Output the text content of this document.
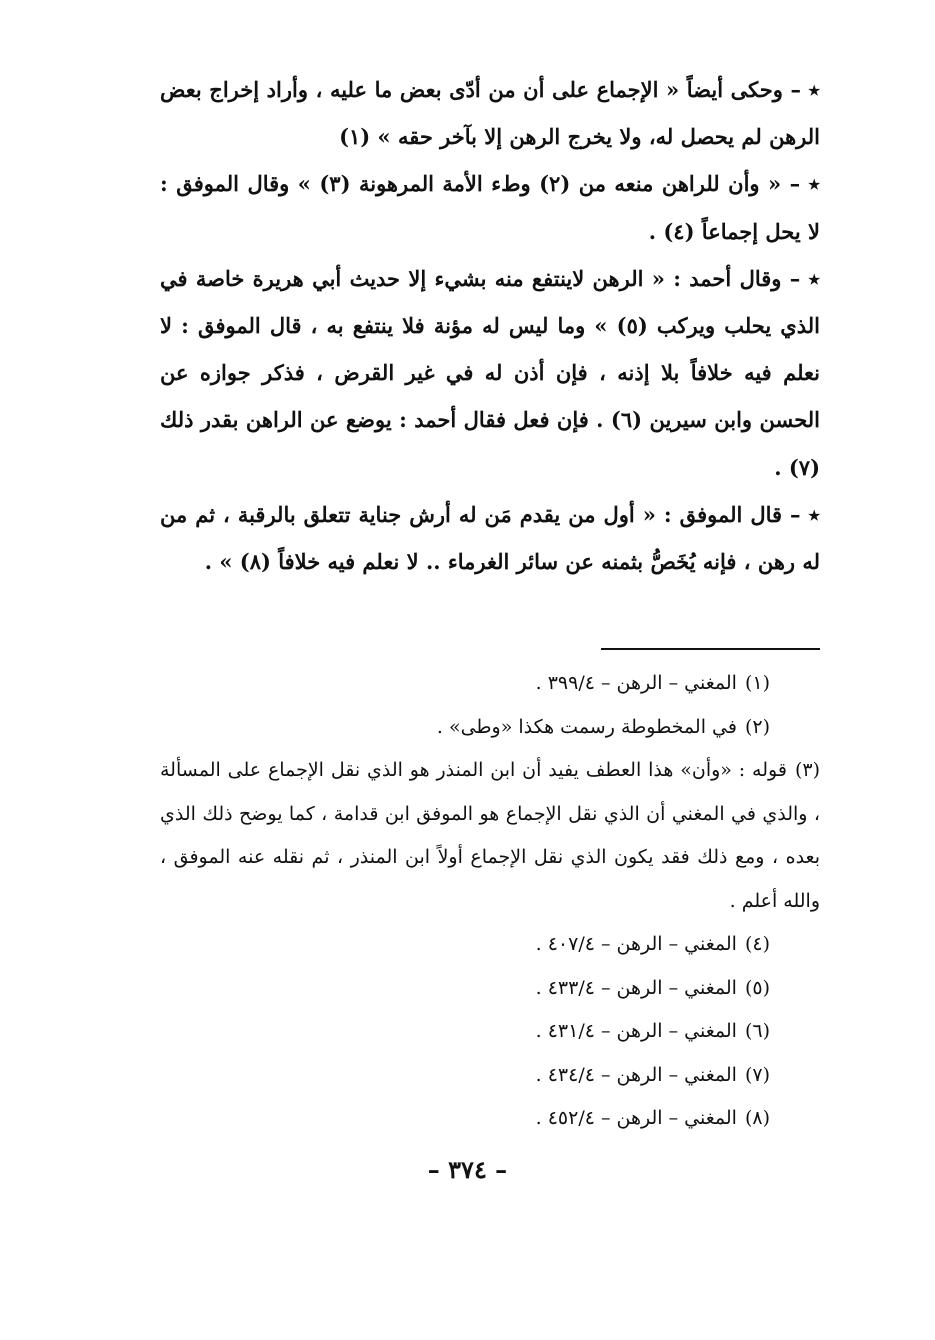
٭ – وحكى أيضاً « الإجماع على أن من أدّى بعض ما عليه ، وأراد إخراج بعض الرهن لم يحصل له، ولا يخرج الرهن إلا بآخر حقه » (١)

٭ – « وأن للراهن منعه من (٢) وطء الأمة المرهونة (٣) » وقال الموفق : لا يحل إجماعاً (٤) .

٭ – وقال أحمد : « الرهن لاينتفع منه بشيء إلا حديث أبي هريرة خاصة في الذي يحلب ويركب (٥) » وما ليس له مؤنة فلا ينتفع به ، قال الموفق : لا نعلم فيه خلافاً بلا إذنه ، فإن أذن له في غير القرض ، فذكر جوازه عن الحسن وابن سيرين (٦) . فإن فعل فقال أحمد : يوضع عن الراهن بقدر ذلك (٧) .

٭ – قال الموفق : « أول من يقدم مَن له أرش جناية تتعلق بالرقبة ، ثم من له رهن ، فإنه يُخَصُّ بثمنه عن سائر الغرماء .. لا نعلم فيه خلافاً (٨) » .

(١)المغني – الرهن – ٣٩٩/٤ .

(٢)في المخطوطة رسمت هكذا «وطى» .

(٣)قوله : «وأن» هذا العطف يفيد أن ابن المنذر هو الذي نقل الإجماع على المسألة ، والذي في المغني أن الذي نقل الإجماع هو الموفق ابن قدامة ، كما يوضح ذلك الذي بعده ، ومع ذلك فقد يكون الذي نقل الإجماع أولاً ابن المنذر ، ثم نقله عنه الموفق ، والله أعلم .

(٤)المغني – الرهن – ٤٠٧/٤ .

(٥)المغني – الرهن – ٤٣٣/٤ .

(٦)المغني – الرهن – ٤٣١/٤ .

(٧)المغني – الرهن – ٤٣٤/٤ .

(٨)المغني – الرهن – ٤٥٢/٤ .

– ٣٧٤ –
